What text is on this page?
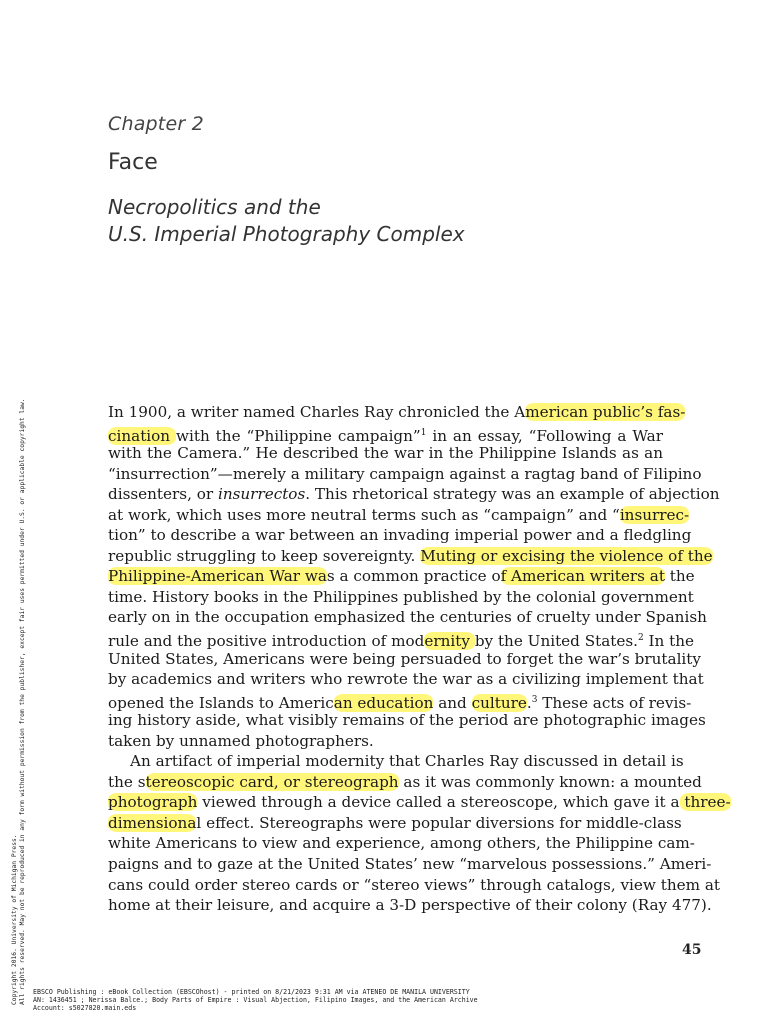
Chapter 2
Face
Necropolitics and the
U.S. Imperial Photography Complex
In 1900, a writer named Charles Ray chronicled the American public’s fas-
cination with the “Philippine campaign”$^1$ in an essay, “Following a War
with the Camera.” He described the war in the Philippine Islands as an
“insurrection”—merely a military campaign against a ragtag band of Filipino
dissenters, or insurrectos. This rhetorical strategy was an example of abjection
at work, which uses more neutral terms such as “campaign” and “insurrec-
tion” to describe a war between an invading imperial power and a fledgling
republic struggling to keep sovereignty. Muting or excising the violence of the
Philippine-American War was a common practice of American writers at the
time. History books in the Philippines published by the colonial government
early on in the occupation emphasized the centuries of cruelty under Spanish
rule and the positive introduction of modernity by the United States.$^2$ In the
United States, Americans were being persuaded to forget the war’s brutality
by academics and writers who rewrote the war as a civilizing implement that
opened the Islands to American education and culture.$^3$ These acts of revis-
ing history aside, what visibly remains of the period are photographic images
taken by unnamed photographers.
An artifact of imperial modernity that Charles Ray discussed in detail is
the stereoscopic card, or stereograph as it was commonly known: a mounted
photograph viewed through a device called a stereoscope, which gave it a three-
dimensional effect. Stereographs were popular diversions for middle-class
white Americans to view and experience, among others, the Philippine cam-
paigns and to gaze at the United States’ new “marvelous possessions.” Ameri-
cans could order stereo cards or “stereo views” through catalogs, view them at
home at their leisure, and acquire a 3-D perspective of their colony (Ray 477).
45
Copyright 2016. University of Michigan Press. All rights reserved. May not be reproduced in any form without permission from the publisher, except fair uses permitted under U.S. or applicable copyright law. EBSCO Publishing : eBook Collection (EBSCOhost) - printed on 8/21/2023 9:31 AM via ATENEO DE MANILA UNIVERSITY
AN: 1436451 ; Nerissa Balce.; Body Parts of Empire : Visual Abjection, Filipino Images, and the American Archive
Account: s5027820.main.eds
